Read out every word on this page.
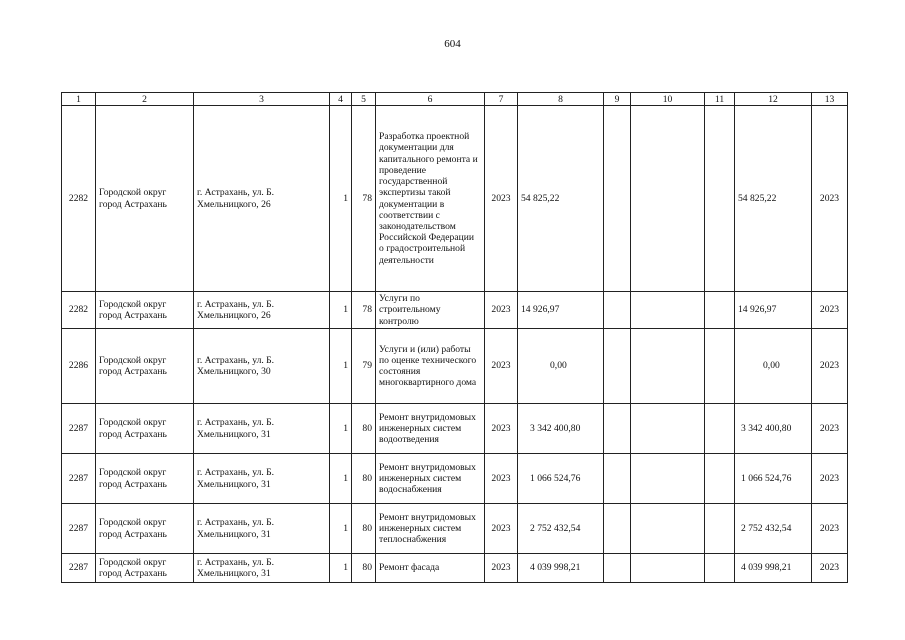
604
1	2	3	4	5	6	7	8	9	10	11	12	13
2282	Городской округ город Астрахань	г. Астрахань, ул. Б. Хмельницкого, 26	1	78	Разработка проектной документации для капитального ремонта и проведение государственной экспертизы такой документации в соответствии с законодательством Российской Федерации о градостроительной деятельности	2023	54 825,22				54 825,22	2023
2282	Городской округ город Астрахань	г. Астрахань, ул. Б. Хмельницкого, 26	1	78	Услуги по строительному контролю	2023	14 926,97				14 926,97	2023
2286	Городской округ город Астрахань	г. Астрахань, ул. Б. Хмельницкого, 30	1	79	Услуги и (или) работы по оценке технического состояния многоквартирного дома	2023	0,00				0,00	2023
2287	Городской округ город Астрахань	г. Астрахань, ул. Б. Хмельницкого, 31	1	80	Ремонт внутридомовых инженерных систем водоотведения	2023	3 342 400,80				3 342 400,80	2023
2287	Городской округ город Астрахань	г. Астрахань, ул. Б. Хмельницкого, 31	1	80	Ремонт внутридомовых инженерных систем водоснабжения	2023	1 066 524,76				1 066 524,76	2023
2287	Городской округ город Астрахань	г. Астрахань, ул. Б. Хмельницкого, 31	1	80	Ремонт внутридомовых инженерных систем теплоснабжения	2023	2 752 432,54				2 752 432,54	2023
2287	Городской округ город Астрахань	г. Астрахань, ул. Б. Хмельницкого, 31	1	80	Ремонт фасада	2023	4 039 998,21				4 039 998,21	2023
